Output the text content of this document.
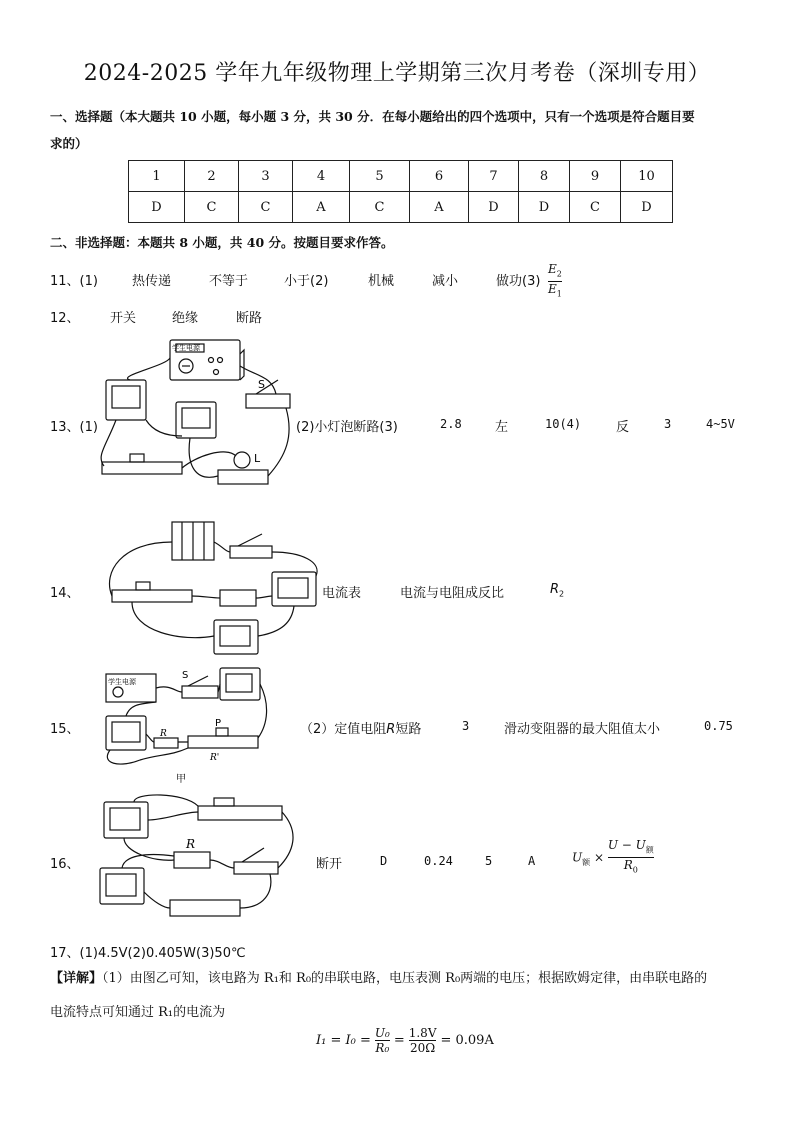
2024-2025 学年九年级物理上学期第三次月考卷（深圳专用）
一、选择题（本大题共 10 小题，每小题 3 分，共 30 分．在每小题给出的四个选项中，只有一个选项是符合题目要
求的）
1	2	3	4	5	6	7	8	9	10
D	C	C	A	C	A	D	D	C	D
二、非选择题：本题共 8 小题，共 40 分。按题目要求作答。
11、(1)	热传递	不等于	小于(2)	机械	减小	做功$(3) \frac{E_2}{E_1}$
12、 开关	绝缘	断路
学生电源
S
L
13、(1)	(2)小灯泡断路(3)	2.8	左	10(4)	反	3	4~5V
14、	电流表	电流与电阻成反比	$R_2$
学生电源
S
P
R
R'
甲
15、	（2）定值电阻R短路	3	滑动变阻器的最大阻值太小	0.75
R
16、	断开	D	0.24	5	A	$U_额 \times \frac{U - U_额}{R_0}$
17、(1)4.5V(2)0.405W(3)50℃
【详解】（1）由图乙可知，该电路为 R₁和 R₀的串联电路，电压表测 R₀两端的电压；根据欧姆定律，由串联电路的
电流特点可知通过 R₁的电流为
$I_1 = I_0 = \frac{\text{U₀}}{\text{R₀}} = \frac{1.8V}{20\Omega} = 0.09A$
